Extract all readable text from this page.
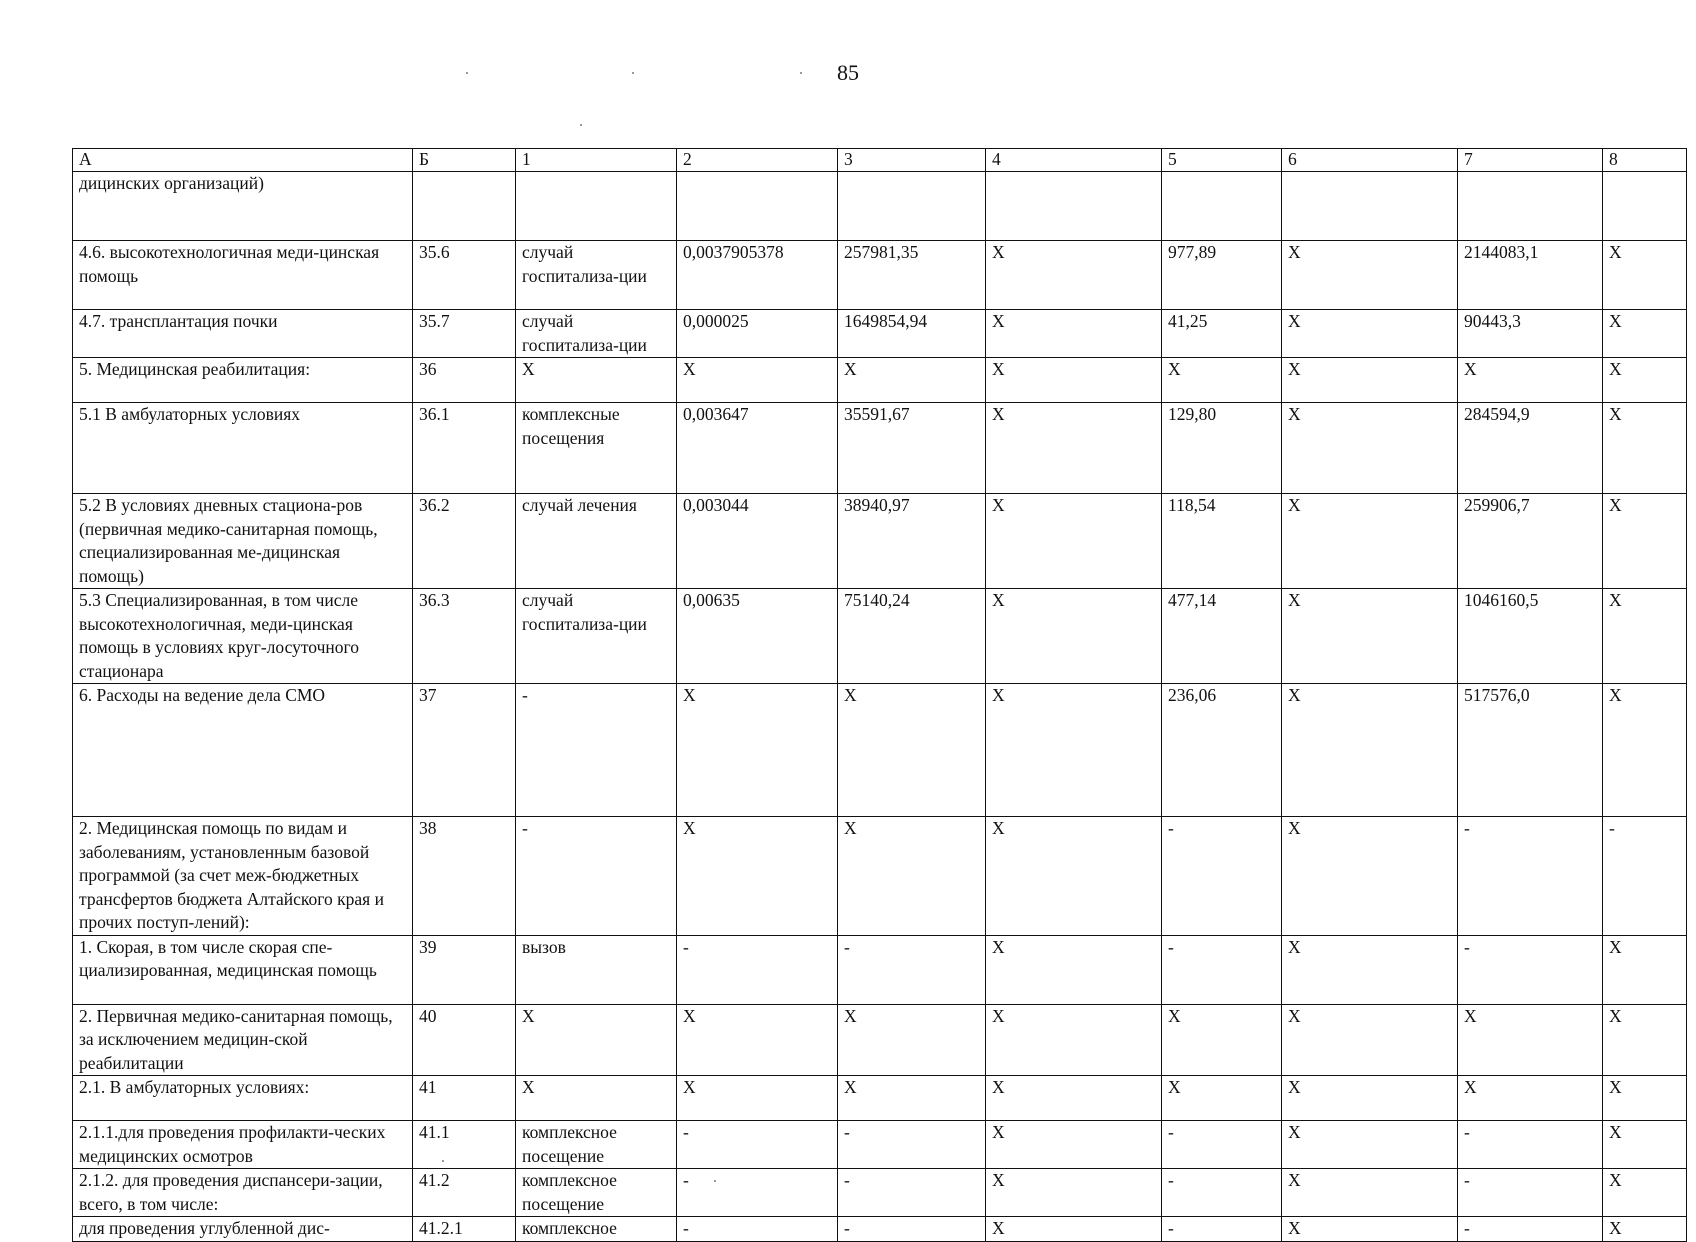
85
А	Б	1	2	3	4	5	6	7	8
дицинских организаций)									
4.6. высокотехнологичная меди-цинская помощь	35.6	случай госпитализа-ции	0,0037905378	257981,35	X	977,89	X	2144083,1	X
4.7. трансплантация почки	35.7	случай госпитализа-ции	0,000025	1649854,94	X	41,25	X	90443,3	X
5. Медицинская реабилитация:	36	X	X	X	X	X	X	X	X
5.1 В амбулаторных условиях	36.1	комплексные посещения	0,003647	35591,67	X	129,80	X	284594,9	X
5.2 В условиях дневных стациона-ров (первичная медико-санитарная помощь, специализированная ме-дицинская помощь)	36.2	случай лечения	0,003044	38940,97	X	118,54	X	259906,7	X
5.3 Специализированная, в том числе высокотехнологичная, меди-цинская помощь в условиях круг-лосуточного стационара	36.3	случай госпитализа-ции	0,00635	75140,24	X	477,14	X	1046160,5	X
6. Расходы на ведение дела СМО	37	-	X	X	X	236,06	X	517576,0	X
2. Медицинская помощь по видам и заболеваниям, установленным базовой программой (за счет меж-бюджетных трансфертов бюджета Алтайского края и прочих поступ-лений):	38	-	X	X	X	-	X	-	-
1. Скорая, в том числе скорая спе-циализированная, медицинская помощь	39	вызов	-	-	X	-	X	-	X
2. Первичная медико-санитарная помощь, за исключением медицин-ской реабилитации	40	X	X	X	X	X	X	X	X
2.1. В амбулаторных условиях:	41	X	X	X	X	X	X	X	X
2.1.1.для проведения профилакти-ческих медицинских осмотров	41.1	комплексное посещение	-	-	X	-	X	-	X
2.1.2. для проведения диспансери-зации, всего, в том числе:	41.2	комплексное посещение	-	-	X	-	X	-	X
для проведения углубленной дис-	41.2.1	комплексное	-	-	X	-	X	-	X
